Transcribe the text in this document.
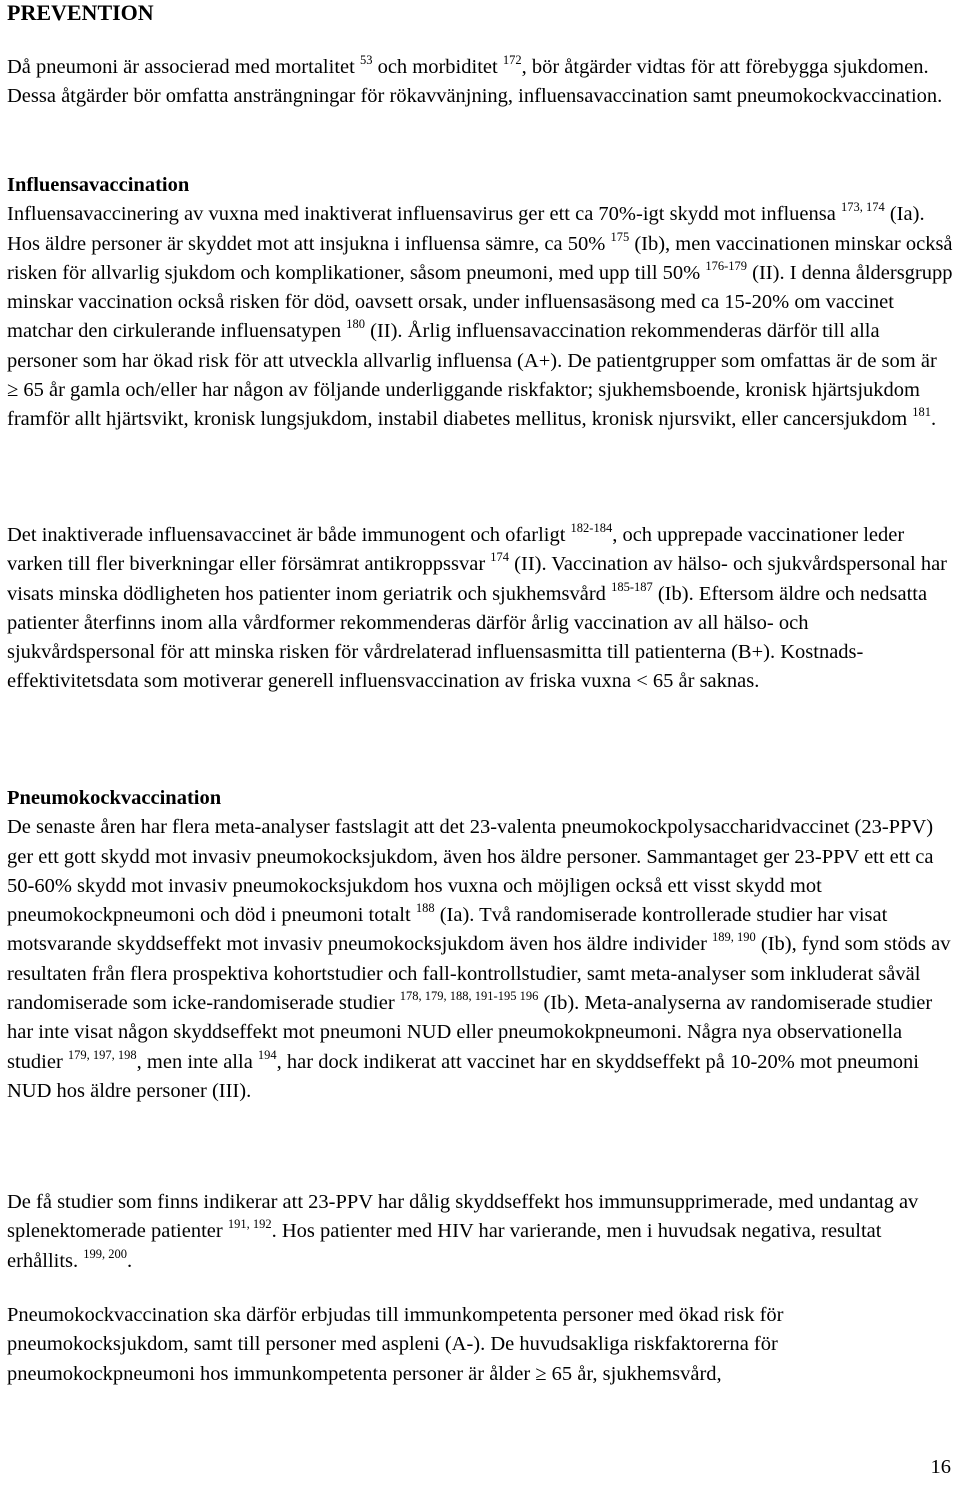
PREVENTION

Då pneumoni är associerad med mortalitet $^{53}$ och morbiditet $^{172}$, bör åtgärder vidtas för att förebygga sjukdomen. Dessa åtgärder bör omfatta ansträngningar för rökavvänjning, influensavaccination samt pneumokockvaccination.

Influensavaccination
Influensavaccinering av vuxna med inaktiverat influensavirus ger ett ca 70%-igt skydd mot influensa $^{173, 174}$ (Ia). Hos äldre personer är skyddet mot att insjukna i influensa sämre, ca 50% $^{175}$ (Ib), men vaccinationen minskar också risken för allvarlig sjukdom och komplikationer, såsom pneumoni, med upp till 50% $^{176-179}$ (II). I denna åldersgrupp minskar vaccination också risken för död, oavsett orsak, under influensasäsong med ca 15-20% om vaccinet matchar den cirkulerande influensatypen $^{180}$ (II). Årlig influensavaccination rekommenderas därför till alla personer som har ökad risk för att utveckla allvarlig influensa (A+). De patientgrupper som omfattas är de som är ≥ 65 år gamla och/eller har någon av följande underliggande riskfaktor; sjukhemsboende, kronisk hjärtsjukdom framför allt hjärtsvikt, kronisk lungsjukdom, instabil diabetes mellitus, kronisk njursvikt, eller cancersjukdom $^{181}$.

Det inaktiverade influensavaccinet är både immunogent och ofarligt $^{182-184}$, och upprepade vaccinationer leder varken till fler biverkningar eller försämrat antikroppssvar $^{174}$ (II). Vaccination av hälso- och sjukvårdspersonal har visats minska dödligheten hos patienter inom geriatrik och sjukhemsvård $^{185-187}$ (Ib). Eftersom äldre och nedsatta patienter återfinns inom alla vårdformer rekommenderas därför årlig vaccination av all hälso- och sjukvårdspersonal för att minska risken för vårdrelaterad influensasmitta till patienterna (B+). Kostnads-effektivitetsdata som motiverar generell influensvaccination av friska vuxna < 65 år saknas.

Pneumokockvaccination
De senaste åren har flera meta-analyser fastslagit att det 23-valenta pneumokockpolysaccharidvaccinet (23-PPV) ger ett gott skydd mot invasiv pneumokocksjukdom, även hos äldre personer. Sammantaget ger 23-PPV ett ett ca 50-60% skydd mot invasiv pneumokocksjukdom hos vuxna och möjligen också ett visst skydd mot pneumokockpneumoni och död i pneumoni totalt $^{188}$ (Ia). Två randomiserade kontrollerade studier har visat motsvarande skyddseffekt mot invasiv pneumokocksjukdom även hos äldre individer $^{189, 190}$ (Ib), fynd som stöds av resultaten från flera prospektiva kohortstudier och fall-kontrollstudier, samt meta-analyser som inkluderat såväl randomiserade som icke-randomiserade studier $^{178, 179, 188, 191-195 196}$ (Ib). Meta-analyserna av randomiserade studier har inte visat någon skyddseffekt mot pneumoni NUD eller pneumokokpneumoni. Några nya observationella studier $^{179, 197, 198}$, men inte alla $^{194}$, har dock indikerat att vaccinet har en skyddseffekt på 10-20% mot pneumoni NUD hos äldre personer (III).

De få studier som finns indikerar att 23-PPV har dålig skyddseffekt hos immunsupprimerade, med undantag av splenektomerade patienter $^{191, 192}$. Hos patienter med HIV har varierande, men i huvudsak negativa, resultat erhållits. $^{199, 200}$.

Pneumokockvaccination ska därför erbjudas till immunkompetenta personer med ökad risk för pneumokocksjukdom, samt till personer med aspleni (A-). De huvudsakliga riskfaktorerna för pneumokockpneumoni hos immunkompetenta personer är ålder ≥ 65 år, sjukhemsvård,

16
